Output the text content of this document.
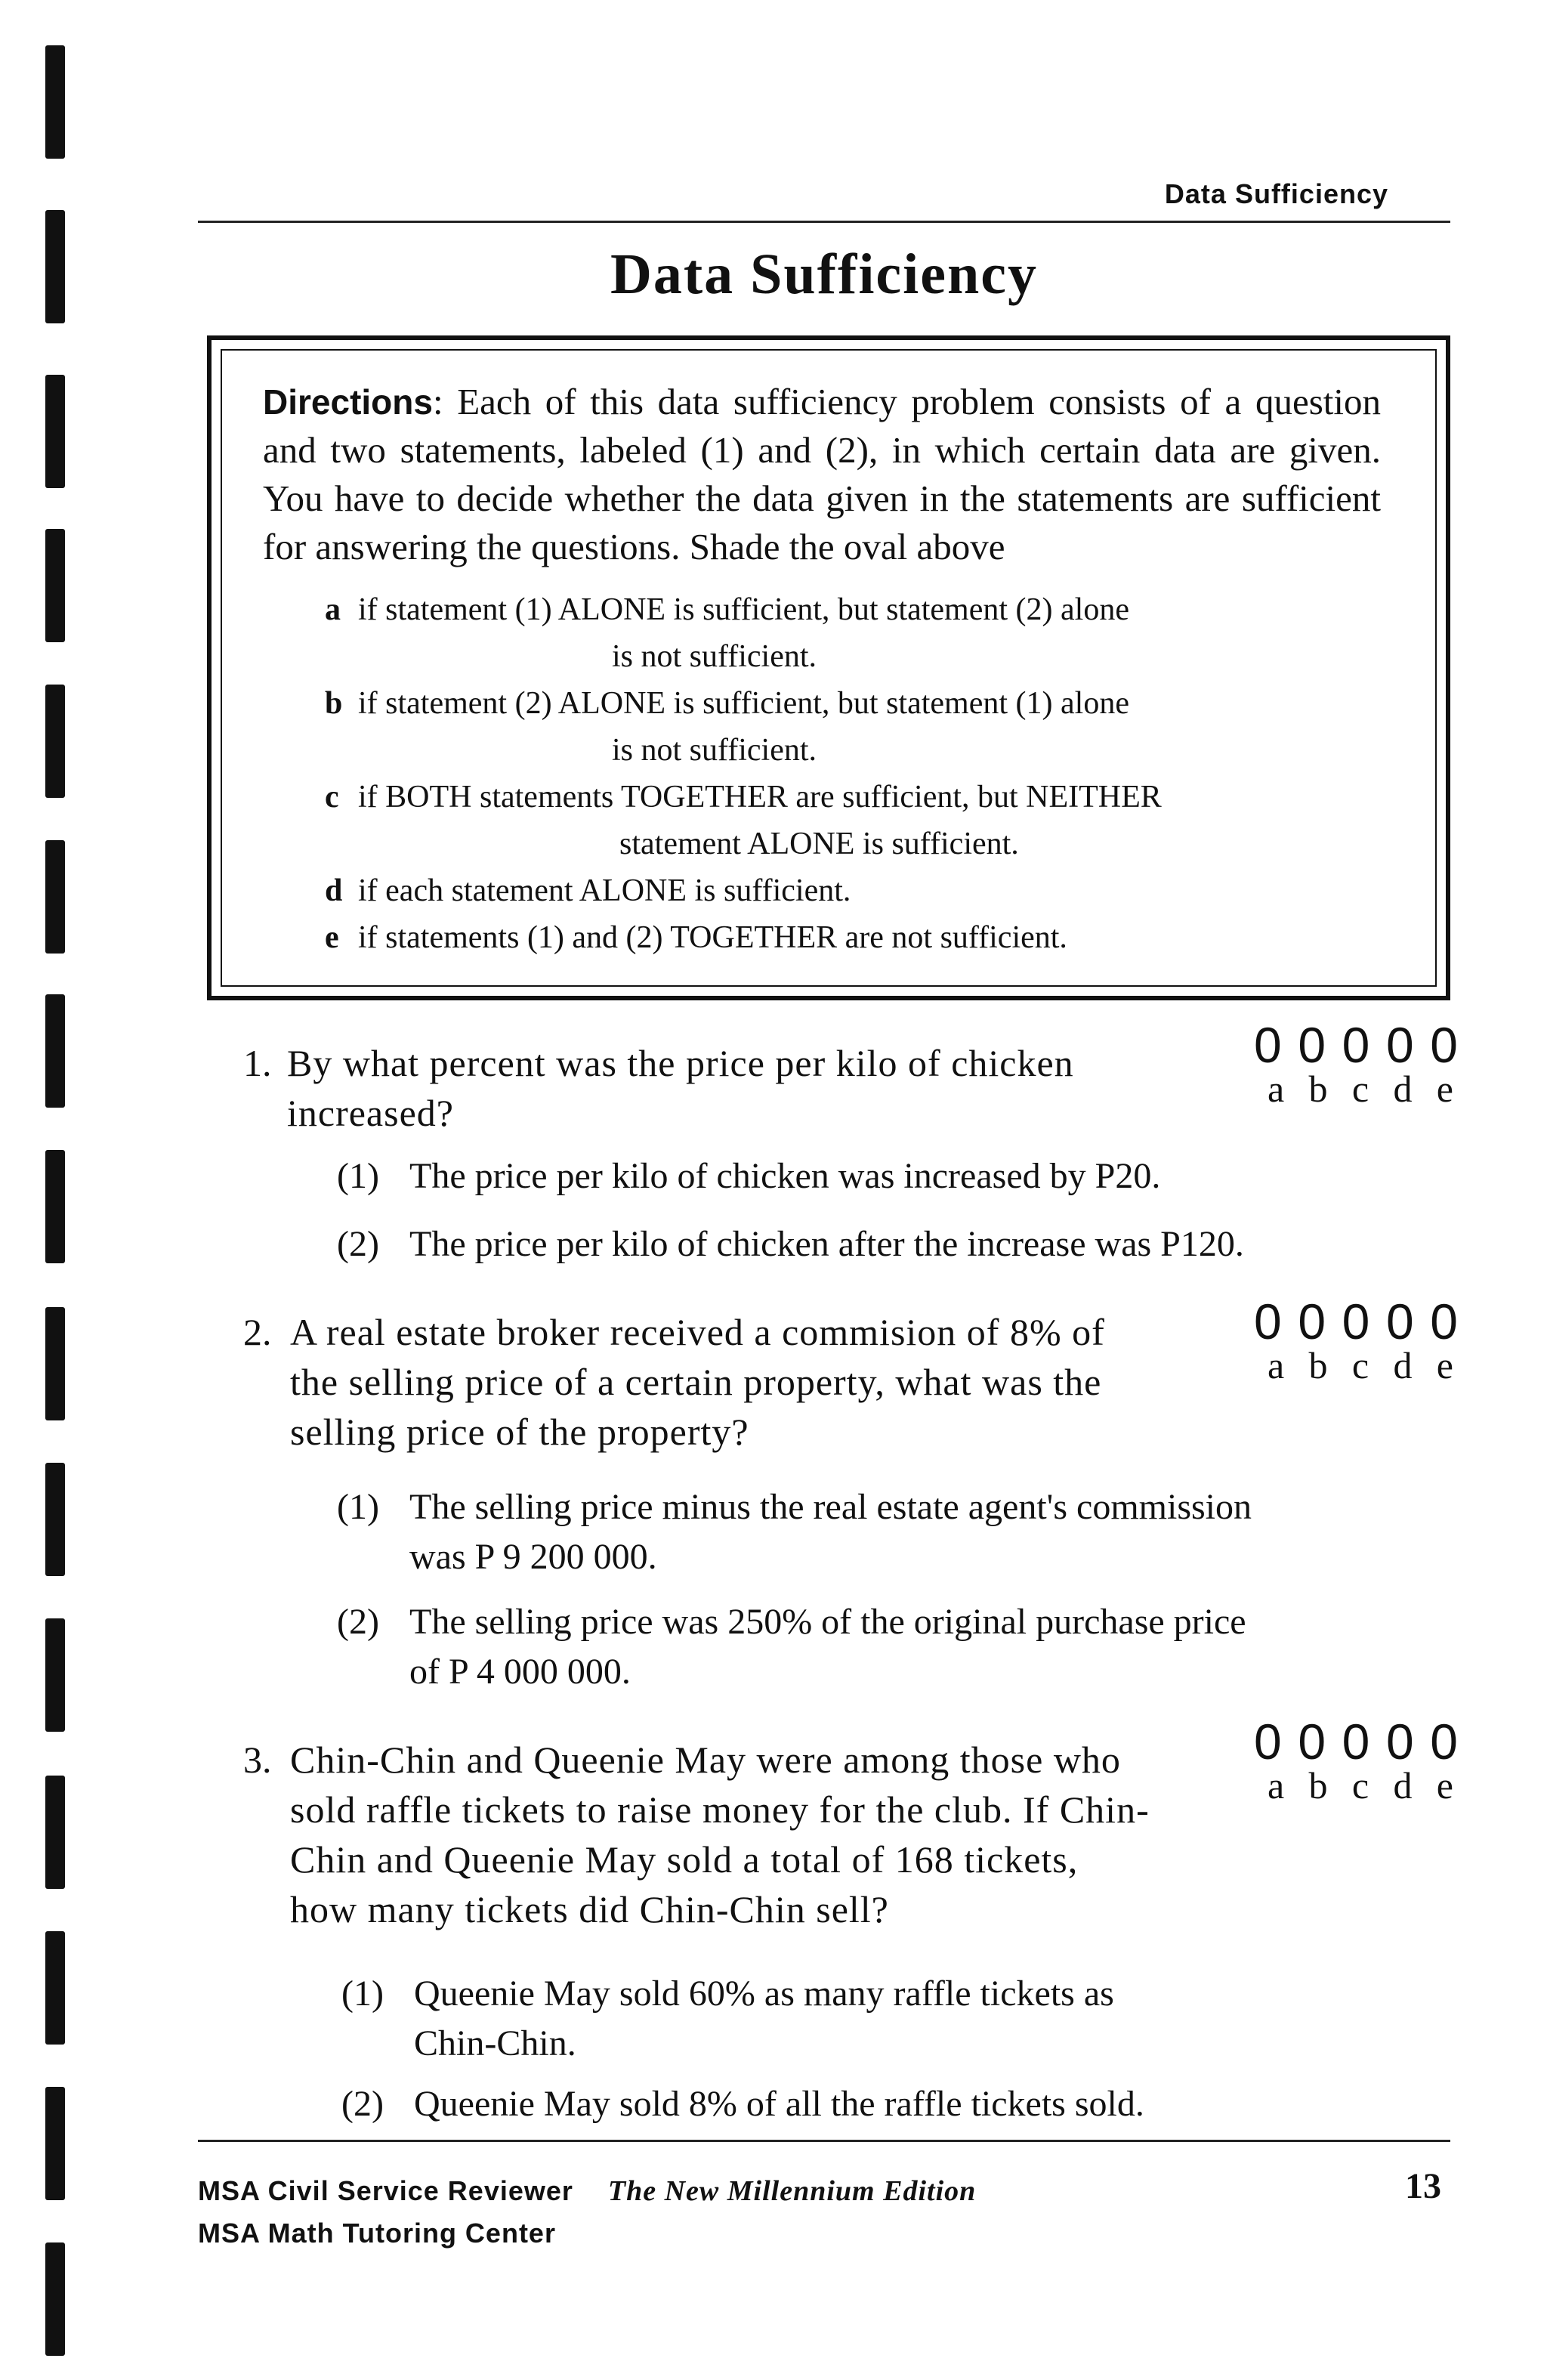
Data Sufficiency
Data Sufficiency
Directions: Each of this data sufficiency problem consists of a question and two statements, labeled (1) and (2), in which certain data are given. You have to decide whether the data given in the statements are sufficient for answering the questions. Shade the oval above
a if statement (1) ALONE is sufficient, but statement (2) alone
is not sufficient.
b if statement (2) ALONE is sufficient, but statement (1) alone
is not sufficient.
c if BOTH statements TOGETHER are sufficient, but NEITHER
statement ALONE is sufficient.
d if each statement ALONE is sufficient.
e if statements (1) and (2) TOGETHER are not sufficient.
1. By what percent was the price per kilo of chicken
increased?
0 0 0 0 0
a b c d e
(1) The price per kilo of chicken was increased by P20.
(2) The price per kilo of chicken after the increase was P120.
2. A real estate broker received a commision of 8% of
the selling price of a certain property, what was the
selling price of the property?
0 0 0 0 0
a b c d e
(1) The selling price minus the real estate agent's commission
was P 9 200 000.
(2) The selling price was 250% of the original purchase price
of P 4 000 000.
3. Chin-Chin and Queenie May were among those who
sold raffle tickets to raise money for the club. If Chin-
Chin and Queenie May sold a total of 168 tickets,
how many tickets did Chin-Chin sell?
0 0 0 0 0
a b c d e
(1) Queenie May sold 60% as many raffle tickets as
Chin-Chin.
(2) Queenie May sold 8% of all the raffle tickets sold.
MSA Civil Service Reviewer The New Millennium Edition
MSA Math Tutoring Center
13
